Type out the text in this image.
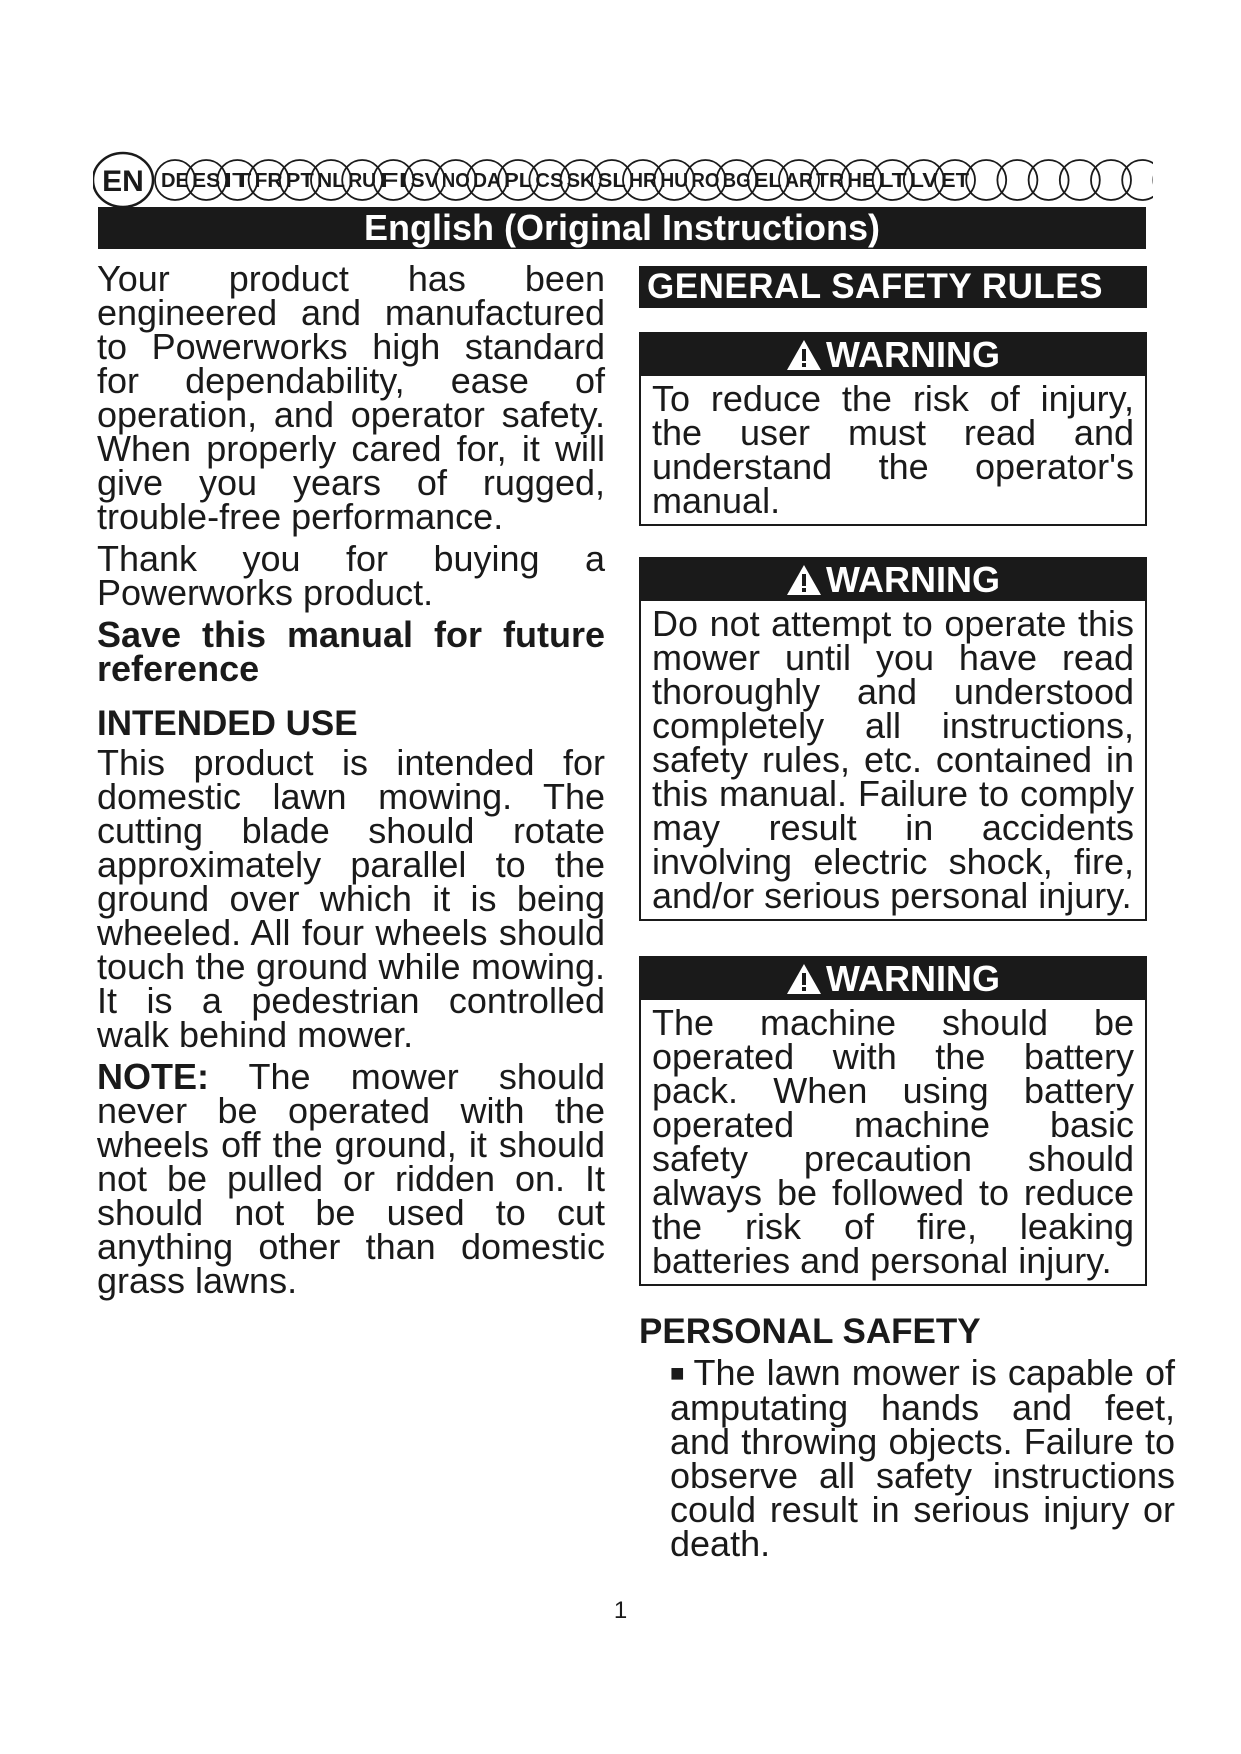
EN DE ES IT FR PT NL RU FI SV NO DA PL CS SK SL HR HU RO BG EL AR TR HE LT LV ET
English (Original Instructions)

Your product has been engineered and manufactured to Powerworks high standard for dependability, ease of operation, and operator safety. When properly cared for, it will give you years of rugged, trouble-free performance.

Thank you for buying a Powerworks product.

Save this manual for future reference

INTENDED USE

This product is intended for domestic lawn mowing. The cutting blade should rotate approximately parallel to the ground over which it is being wheeled. All four wheels should touch the ground while mowing. It is a pedestrian controlled walk behind mower.

NOTE: The mower should never be operated with the wheels off the ground, it should not be pulled or ridden on. It should not be used to cut anything other than domestic grass lawns.

GENERAL SAFETY RULES
WARNING
To reduce the risk of injury, the user must read and understand the operator's manual.
WARNING
Do not attempt to operate this mower until you have read thoroughly and understood completely all instructions, safety rules, etc. contained in this manual. Failure to comply may result in accidents involving electric shock, fire, and/or serious personal injury.
WARNING
The machine should be operated with the battery pack. When using battery operated machine basic safety precaution should always be followed to reduce the risk of fire, leaking batteries and personal injury.
PERSONAL SAFETY
■ The lawn mower is capable of amputating hands and feet, and throwing objects. Failure to observe all safety instructions could result in serious injury or death.
1
